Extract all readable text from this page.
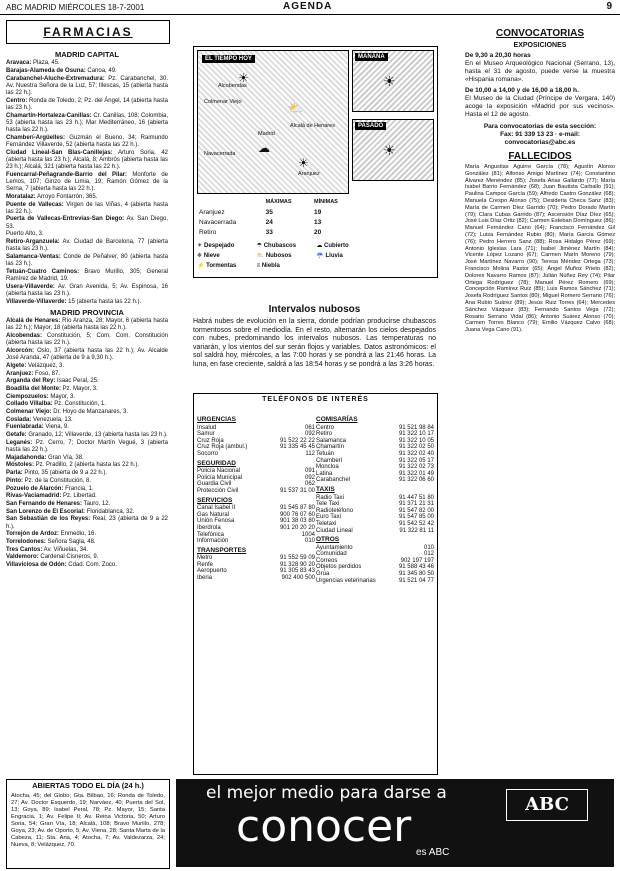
ABC MADRID MIÉRCOLES 18-7-2001	AGENDA	9
FARMACIAS
MADRID CAPITAL
Aravaca: Plaza, 45.
Barajas-Alameda de Osuna: Canoa, 49.
Carabanchel-Aluche-Extremadura: Pz. Carabanchel, 30. Av. Nuestra Señora de la Luz, 57; Illescas, 15 (abierta hasta las 22 h.).
Centro: Ronda de Toledo, 2; Pz. del Ángel, 14 (abierta hasta las 23 h.).
Chamartín-Hortaleza-Canillas: Cr. Canillas, 108; Colombia, 53 (abierta hasta las 23 h.); Mar Mediterráneo, 16 (abierta hasta las 22 h.).
Chamberí-Argüelles: Guzmán el Bueno, 34; Raimundo Fernández Villaverde, 52 (abierta hasta las 22 h.).
Ciudad Lineal-San Blas-Canillejas: Arturo Soria, 42 (abierta hasta las 23 h.); Alcalá, 8; Ambrós (abierta hasta las 23 h.); Alcalá, 321 (abierta hasta las 22 h.).
Fuencarral-Peñagrande-Barrio del Pilar: Monforte de Lemos, 107; Ginzo de Limia, 19; Ramón Gómez de la Serna, 7 (abierta hasta las 22 h.).
Moratalaz: Arroyo Fontarrón, 365.
Puente de Vallecas: Virgen de las Viñas, 4 (abierta hasta las 22 h.).
Puerta de Vallecas-Entrevías-San Diego: Av. San Diego, 53.
Puerto Alto, 3.
Retiro-Arganzuela: Av. Ciudad de Barcelona, 77 (abierta hasta las 23 h.).
Salamanca-Ventas: Conde de Peñalver, 80 (abierta hasta las 23 h.).
Tetuán-Cuatro Caminos: Bravo Murillo, 305; General Ramírez de Madrid, 19.
Usera-Villaverde: Av. Gran Avenida, 5; Av. Espinosa, 16 (abierta hasta las 23 h.).
Villaverde-Villaverde: 15 (abierta hasta las 22 h.).
MADRID PROVINCIA
Alcalá de Henares: Río Aranza, 28; Mayor, 6 (abierta hasta las 22 h.); Mayor, 18 (abierta hasta las 22 h.).
Alcobendas: Constitución, 5; Com. Com. Constitución (abierta hasta las 22 h.).
Alcorcón: Oslo, 37 (abierta hasta las 22 h.); Av. Alcalde José Aranda, 47 (abierta de 9 a 9,30 h.).
Algete: Velázquez, 3.
Aranjuez: Foso, 87.
Arganda del Rey: Isaac Peral, 25.
Boadilla del Monte: Pz. Mayor, 3.
Ciempozuelos: Mayor, 3.
Collado Villalba: Pz. Constitución, 1.
Colmenar Viejo: Dr. Hoyo de Manzanares, 3.
Coslada: Venezuela, 13.
Fuenlabrada: Viena, 9.
Getafe: Granado, 12; Villaverde, 13 (abierta hasta las 23 h.).
Leganés: Pz. Cerro, 7; Doctor Martín Vegué, 3 (abierta hasta las 22 h.).
Majadahonda: Gran Vía, 38.
Móstoles: Pz. Pradillo, 2 (abierta hasta las 22 h.).
Parla: Pinto, 35 (abierta de 9 a 22 h.).
Pinto: Pz. de la Constitución, 8.
Pozuelo de Alarcón: Francia, 1.
Rivas-Vaciamadrid: Pz. Libertad.
San Fernando de Henares: Tauro, 12.
San Lorenzo de El Escorial: Floridablanca, 32.
San Sebastián de los Reyes: Real, 23 (abierta de 9 a 22 h.).
Torrejón de Ardoz: Enmedio, 16.
Torrelodones: Señora Sagla, 48.
Tres Cantos: Av. Viñuelas, 34.
Valdemoro: Cardenal Cisneros, 9.
Villaviciosa de Odón: Cdad. Com. Zoco.
ABIERTAS TODO EL DÍA (24 h.)
Atocha, 45; del Globo; Gta. Bilbao, 16; Ronda de Toledo, 27; Av. Doctor Esquerdo, 19; Narváez, 40; Puerta del Sol, 13; Goya, 89; Isabel Peral, 78; Pz. Mayor, 15; Santa Engracia, 1; Av. Felipe II; Av. Reina Victoria, 50; Arturo Soria, 54; Gran Vía, 18; Alcalá, 108; Bravo Murillo, 278; Goya, 23; Av. de Oporto, 5; Av. Viena, 28; Santa Marta de la Cabeza, 11; Sta. Ana, 4; Atocha, 7; Av. Valdezarza, 24; Nueva, 8; Velázquez, 70.
EL TIEMPO HOY
☀
⛅
☁
☀
Alcobendas
Colmenar Viejo
Alcalá de Henares
Madrid
Aranjuez
Navacerrada
MAÑANA
☀
PASADO
☀
	MÁXIMAS	MÍNIMAS
Aranjuez	35	19
Navacerrada	24	13
Retiro	33	20
☀ Despejado	☂ Chubascos	☁ Cubierto ❄ Nieve	⛅ Nubosos	☔ Lluvia ⚡ Tormentas	≡ Niebla
Intervalos nubosos
Habrá nubes de evolución en la sierra, donde podrían producirse chubascos tormentosos sobre el mediodía. En el resto, alternarán los cielos despejados con nubes, predominando los intervalos nubosos. Las temperaturas no variarán, y los vientos del sur serán flojos y variables. Datos astronómicos: el sol saldrá hoy, miércoles, a las 7:00 horas y se pondrá a las 21:46 horas. La luna, en fase creciente, saldrá a las 18:54 horas y se pondrá a las 3:26 horas.
TELÉFONOS DE INTERÉS
URGENCIAS
Insalud	061
Samur	092
Cruz Roja	91 522 22 22
Cruz Roja (ambul.)	91 335 45 45
Socorro	112
SEGURIDAD
Policía Nacional	091
Policía Municipal	092
Guardia Civil	062
Protección Civil	91 537 31 00
SERVICIOS
Canal Isabel II	91 545 87 80
Gas Natural	900 76 07 60
Unión Fenosa	901 38 03 80
Iberdrola	901 20 20 20
Telefónica	1004
Información	010
TRANSPORTES
Metro	91 552 59 09
Renfe	91 328 90 20
Aeropuerto	91 305 83 43
Iberia	902 400 500
COMISARÍAS
Centro	91 521 98 84
Retiro	91 322 10 17
Salamanca	91 322 10 05
Chamartín	91 322 02 50
Tetuán	91 322 02 40
Chamberí	91 322 05 17
Moncloa	91 322 02 73
Latina	91 322 01 49
Carabanchel	91 322 06 60
TAXIS
Radio Taxi	91 447 51 80
Tele Taxi	91 371 21 31
Radioteléfono	91 547 82 00
Euro Taxi	91 547 85 00
Teletaxi	91 542 52 42
Ciudad Lineal	91 322 81 11
OTROS
Ayuntamiento	010
Comunidad	012
Correos	902 197 197
Objetos perdidos	91 588 43 46
Grúa	91 345 80 50
Urgencias veterinarias	91 521 04 77
CONVOCATORIAS
EXPOSICIONES
De 9,30 a 20,30 horas
En el Museo Arqueológico Nacional (Serrano, 13), hasta el 31 de agosto, puede verse la muestra «Hispania romana».
De 10,00 a 14,00 y de 16,00 a 18,00 h.
El Museo de la Ciudad (Príncipe de Vergara, 140) acoge la exposición «Madrid por sus vecinos». Hasta el 12 de agosto.
Para convocatorias de esta sección:
Fax: 91 339 13 23 · e-mail: convocatorias@abc.es
FALLECIDOS
María Angustias Aguirre García (78); Agustín Alonso González (81); Alfonso Amigo Martínez (74); Constantino Álvarez Menéndez (85); Josefa Arias Gallardo (77); María Isabel Barrio Fernández (68); Juan Bautista Carballo (91); Paulina Campos García (59); Alfredo Castro González (68); Manuela Crespo Alonso (75); Desideria Checa Sanz (83); María de Carmen Díez Garrido (70); Pedro Dorado Martín (79); Clara Cubas Garrido (87); Ascensión Díaz Díez (65); José Luis Díaz Ortiz (82); Carmen Esteban Domínguez (86); Manuel Fernández Cano (64); Francisco Fernández Gil (72); Luisa Fernández Rubio (80); María García Gómez (76); Pedro Herrero Sanz (88); Rosa Hidalgo Pérez (69); Antonio Iglesias Lara (71); Isabel Jiménez Martín (84); Vicente López Lozano (67); Carmen Marín Moreno (79); José Martínez Navarro (90); Teresa Méndez Ortega (73); Francisco Molina Pastor (65); Ángel Muñoz Prieto (82); Dolores Navarro Ramos (87); Julián Núñez Rey (74); Pilar Ortega Rodríguez (78); Manuel Pérez Romero (69); Concepción Ramírez Ruiz (85); Luis Ramos Sánchez (71); Josefa Rodríguez Santos (80); Miguel Romero Serrano (76); Ana Rubio Suárez (89); Jesús Ruiz Torres (64); Mercedes Sánchez Vázquez (83); Fernando Santos Vega (72); Rosario Serrano Vidal (86); Antonio Suárez Alonso (70); Carmen Torres Blanco (79); Emilio Vázquez Calvo (68); Juana Vega Cano (91).
el mejor medio para darse a
conocer
es ABC
ABC
